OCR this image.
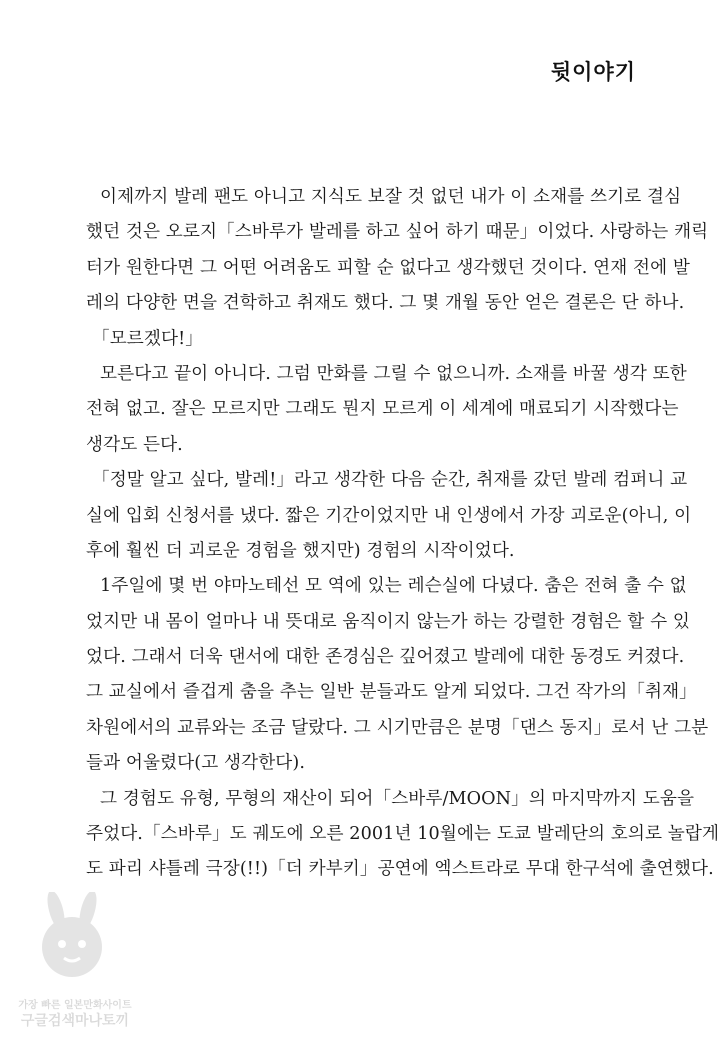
뒷이야기
이제까지 발레 팬도 아니고 지식도 보잘 것 없던 내가 이 소재를 쓰기로 결심
했던 것은 오로지「스바루가 발레를 하고 싶어 하기 때문」이었다. 사랑하는 캐릭
터가 원한다면 그 어떤 어려움도 피할 순 없다고 생각했던 것이다. 연재 전에 발
레의 다양한 면을 견학하고 취재도 했다. 그 몇 개월 동안 얻은 결론은 단 하나.
「모르겠다!」
모른다고 끝이 아니다. 그럼 만화를 그릴 수 없으니까. 소재를 바꿀 생각 또한
전혀 없고. 잘은 모르지만 그래도 뭔지 모르게 이 세계에 매료되기 시작했다는
생각도 든다.
「정말 알고 싶다, 발레!」라고 생각한 다음 순간, 취재를 갔던 발레 컴퍼니 교
실에 입회 신청서를 냈다. 짧은 기간이었지만 내 인생에서 가장 괴로운(아니, 이
후에 훨씬 더 괴로운 경험을 했지만) 경험의 시작이었다.
1주일에 몇 번 야마노테선 모 역에 있는 레슨실에 다녔다. 춤은 전혀 출 수 없
었지만 내 몸이 얼마나 내 뜻대로 움직이지 않는가 하는 강렬한 경험은 할 수 있
었다. 그래서 더욱 댄서에 대한 존경심은 깊어졌고 발레에 대한 동경도 커졌다.
그 교실에서 즐겁게 춤을 추는 일반 분들과도 알게 되었다. 그건 작가의「취재」
차원에서의 교류와는 조금 달랐다. 그 시기만큼은 분명「댄스 동지」로서 난 그분
들과 어울렸다(고 생각한다).
그 경험도 유형, 무형의 재산이 되어「스바루/MOON」의 마지막까지 도움을
주었다.「스바루」도 궤도에 오른 2001년 10월에는 도쿄 발레단의 호의로 놀랍게
도 파리 샤틀레 극장(!!)「더 카부키」공연에 엑스트라로 무대 한구석에 출연했다.
가장 빠른 일본만화사이트
구글검색마나토끼
